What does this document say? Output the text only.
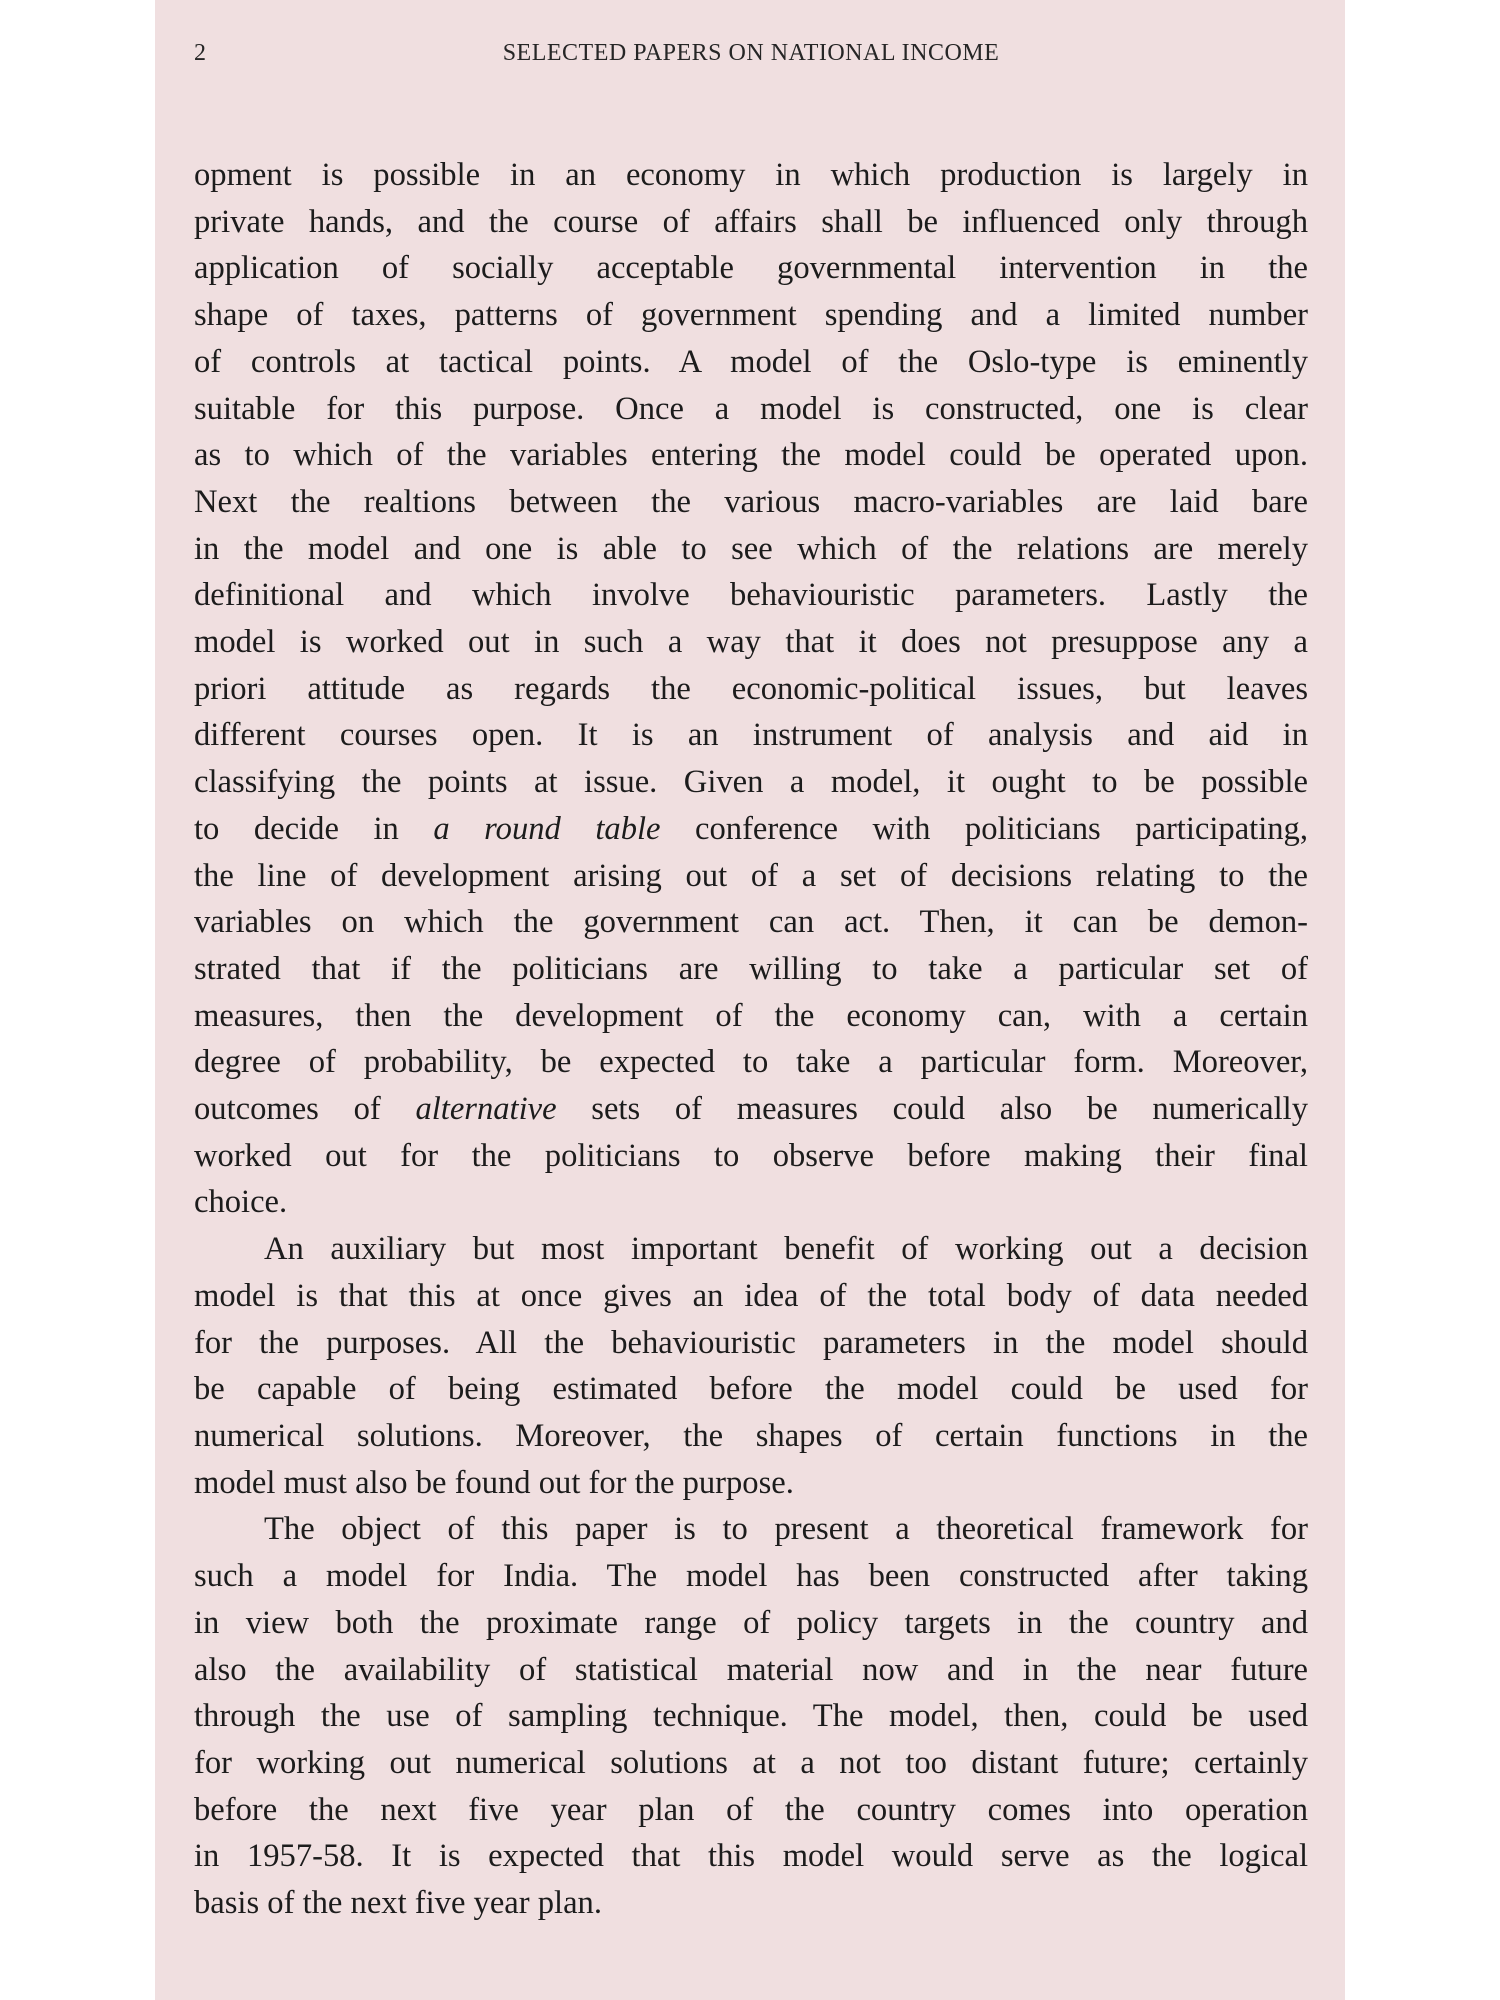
2	SELECTED PAPERS ON NATIONAL INCOME
opment is possible in an economy in which production is largely in
private hands, and the course of affairs shall be influenced only through
application of socially acceptable governmental intervention in the
shape of taxes, patterns of government spending and a limited number
of controls at tactical points. A model of the Oslo-type is eminently
suitable for this purpose. Once a model is constructed, one is clear
as to which of the variables entering the model could be operated upon.
Next the realtions between the various macro-variables are laid bare
in the model and one is able to see which of the relations are merely
definitional and which involve behaviouristic parameters. Lastly the
model is worked out in such a way that it does not presuppose any a
priori attitude as regards the economic-political issues, but leaves
different courses open. It is an instrument of analysis and aid in
classifying the points at issue. Given a model, it ought to be possible
to decide in a round table conference with politicians participating,
the line of development arising out of a set of decisions relating to the
variables on which the government can act. Then, it can be demon-
strated that if the politicians are willing to take a particular set of
measures, then the development of the economy can, with a certain
degree of probability, be expected to take a particular form. Moreover,
outcomes of alternative sets of measures could also be numerically
worked out for the politicians to observe before making their final
choice.
An auxiliary but most important benefit of working out a decision
model is that this at once gives an idea of the total body of data needed
for the purposes. All the behaviouristic parameters in the model should
be capable of being estimated before the model could be used for
numerical solutions. Moreover, the shapes of certain functions in the
model must also be found out for the purpose.
The object of this paper is to present a theoretical framework for
such a model for India. The model has been constructed after taking
in view both the proximate range of policy targets in the country and
also the availability of statistical material now and in the near future
through the use of sampling technique. The model, then, could be used
for working out numerical solutions at a not too distant future; certainly
before the next five year plan of the country comes into operation
in 1957-58. It is expected that this model would serve as the logical
basis of the next five year plan.
